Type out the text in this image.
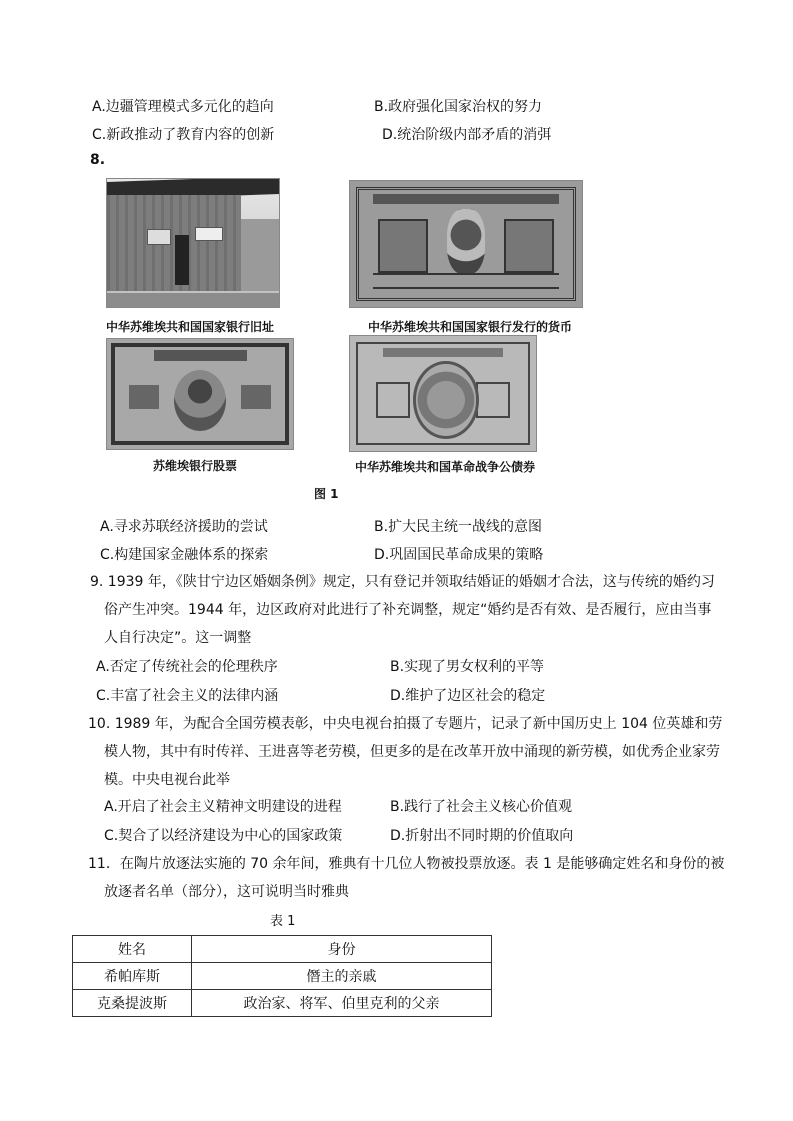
A.边疆管理模式多元化的趋向	B.政府强化国家治权的努力
C.新政推动了教育内容的创新	D.统治阶级内部矛盾的消弭
8.
中华苏维埃共和国国家银行旧址	中华苏维埃共和国国家银行发行的货币
苏维埃银行股票	中华苏维埃共和国革命战争公债券
图 1
A.寻求苏联经济援助的尝试	B.扩大民主统一战线的意图
C.构建国家金融体系的探索	D.巩固国民革命成果的策略
9. 1939 年，《陕甘宁边区婚姻条例》规定，只有登记并领取结婚证的婚姻才合法，这与传统的婚约习俗产生冲突。1944 年，边区政府对此进行了补充调整，规定“婚约是否有效、是否履行，应由当事人自行决定”。这一调整
A.否定了传统社会的伦理秩序	B.实现了男女权利的平等
C.丰富了社会主义的法律内涵	D.维护了边区社会的稳定
10. 1989 年，为配合全国劳模表彰，中央电视台拍摄了专题片，记录了新中国历史上 104 位英雄和劳模人物，其中有时传祥、王进喜等老劳模，但更多的是在改革开放中涌现的新劳模，如优秀企业家劳模。中央电视台此举
A.开启了社会主义精神文明建设的进程	B.践行了社会主义核心价值观
C.契合了以经济建设为中心的国家政策	D.折射出不同时期的价值取向
11．在陶片放逐法实施的 70 余年间，雅典有十几位人物被投票放逐。表 1 是能够确定姓名和身份的被放逐者名单（部分），这可说明当时雅典
表 1
姓名	身份
希帕库斯	僭主的亲戚
克桑提波斯	政治家、将军、伯里克利的父亲
